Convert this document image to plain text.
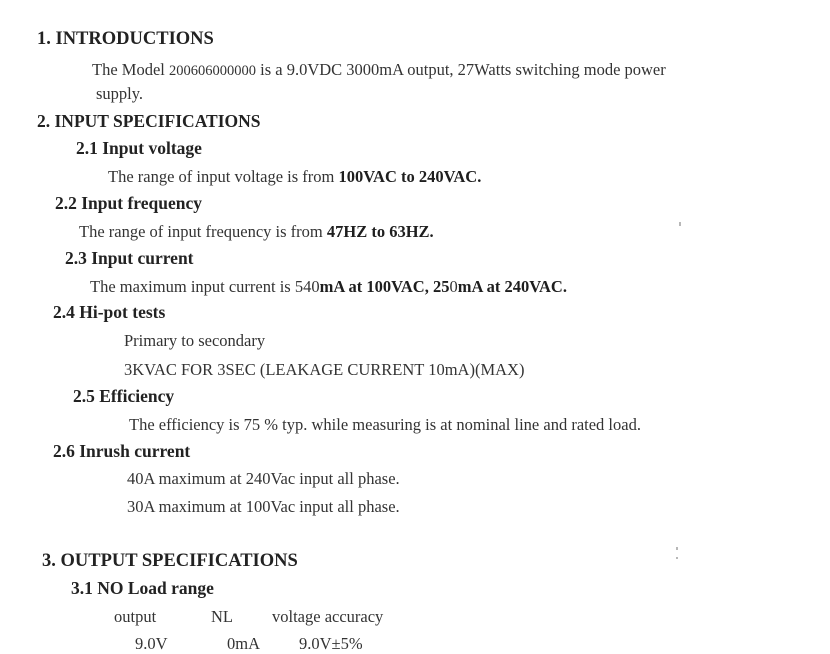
1. INTRODUCTIONS
The Model 200606000000 is a 9.0VDC 3000mA output, 27Watts switching mode power
supply.
2. INPUT SPECIFICATIONS
2.1 Input voltage
The range of input voltage is from 100VAC to 240VAC.
2.2 Input frequency
The range of input frequency is from 47HZ to 63HZ.
2.3 Input current
The maximum input current is 540mA at 100VAC, 250mA at 240VAC.
2.4 Hi-pot tests
Primary to secondary
3KVAC FOR 3SEC (LEAKAGE CURRENT 10mA)(MAX)
2.5 Efficiency
The efficiency is 75 % typ. while measuring is at nominal line and rated load.
2.6 Inrush current
40A maximum at 240Vac input all phase.
30A maximum at 100Vac input all phase.
3. OUTPUT SPECIFICATIONS
3.1 NO Load range
output	NL voltage accuracy
9.0V	0mA 9.0V±5%
